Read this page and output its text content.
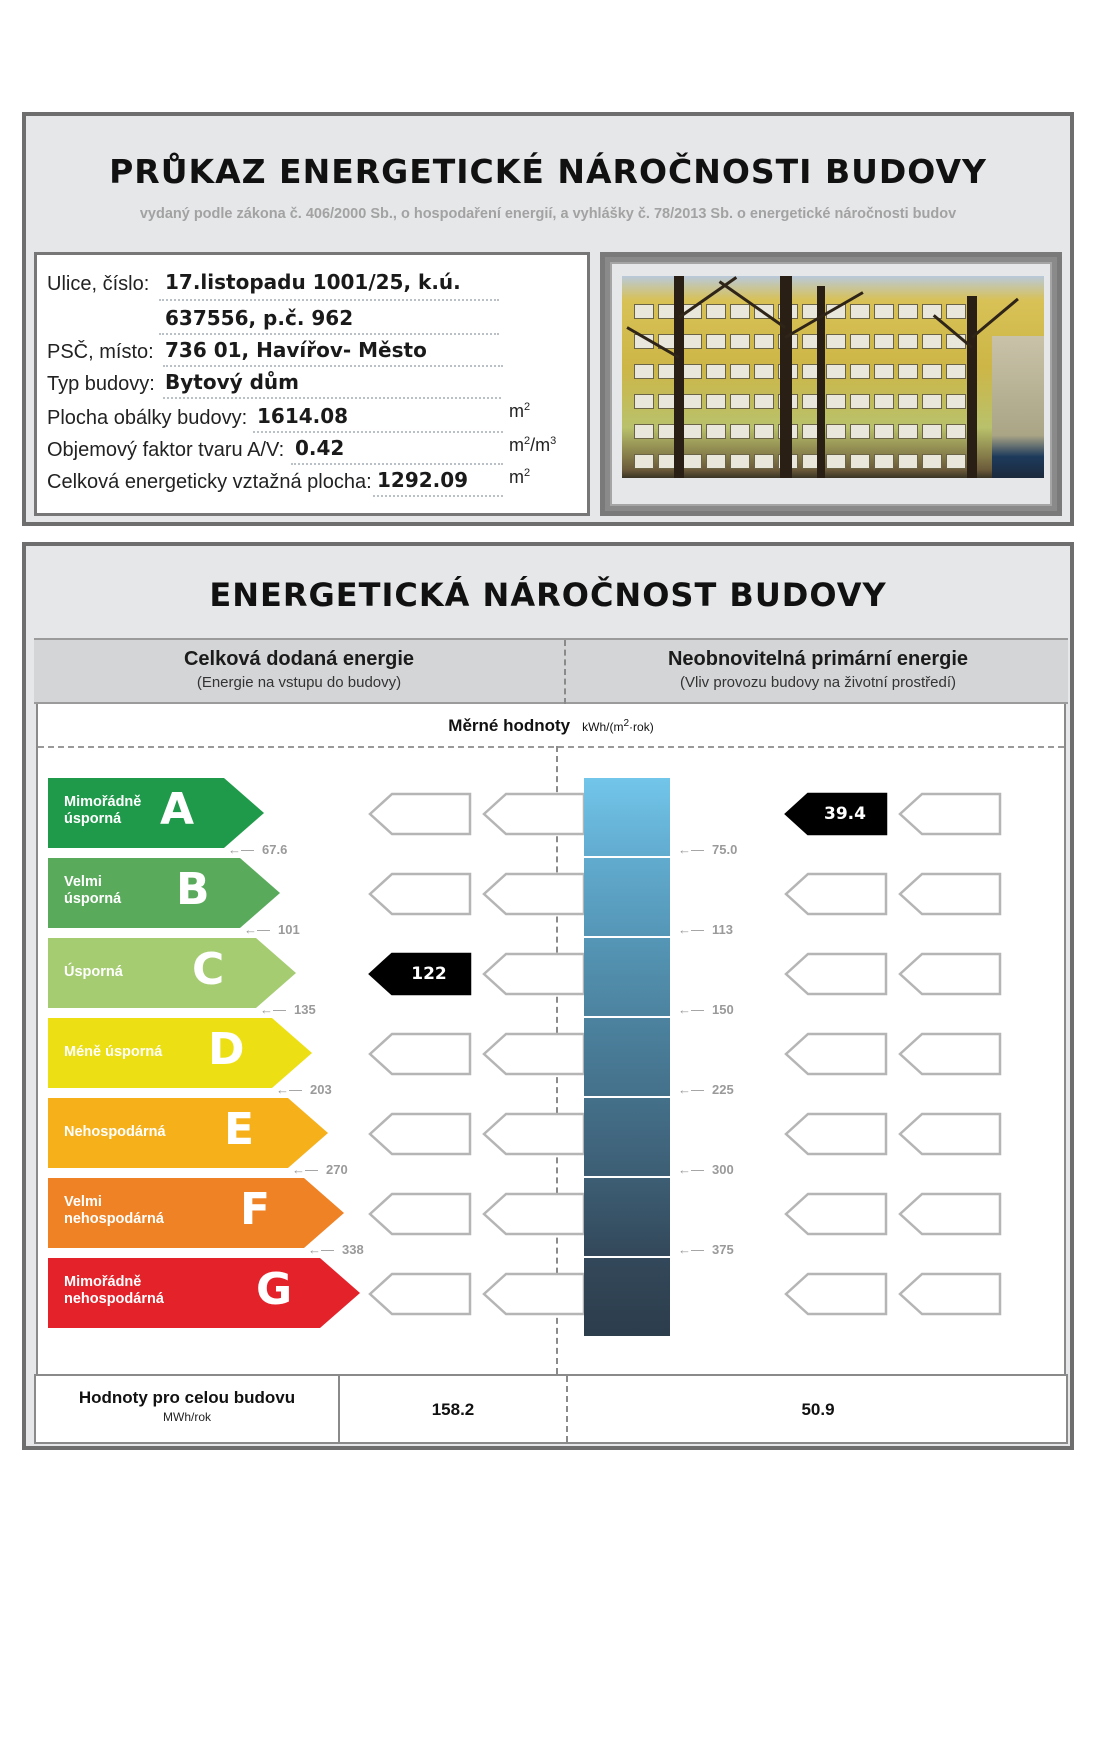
PRŮKAZ ENERGETICKÉ NÁROČNOSTI BUDOVY
vydaný podle zákona č. 406/2000 Sb., o hospodaření energií, a vyhlášky č. 78/2013 Sb. o energetické náročnosti budov
Ulice, číslo: 17.listopadu 1001/25, k.ú.
637556, p.č. 962
PSČ, místo: 736 01, Havířov- Město
Typ budovy: Bytový dům
Plocha obálky budovy: 1614.08	$m^2$
Objemový faktor tvaru A/V: 0.42	$m^2/m^3$
Celková energeticky vztažná plocha: 1292.09 $m^2$
ENERGETICKÁ NÁROČNOST BUDOVY
Celková dodaná energie
(Energie na vstupu do budovy)
Neobnovitelná primární energie
(Vliv provozu budovy na životní prostředí)
Měrné hodnoty kWh/$(m^2\cdot rok)$
Mimořádně
úsporná A
Velmi
úsporná B
Úsporná C
Méně úsporná D
Nehospodárná E
Velmi
nehospodárná F
Mimořádně
nehospodárná G
39.4
←— 67.6	←— 75.0
←— 101	←— 113
122
←— 135	←— 150
←— 203	←— 225
←— 270	←— 300
←— 338	←— 375
Hodnoty pro celou budovu
MWh/rok	158.2	50.9
